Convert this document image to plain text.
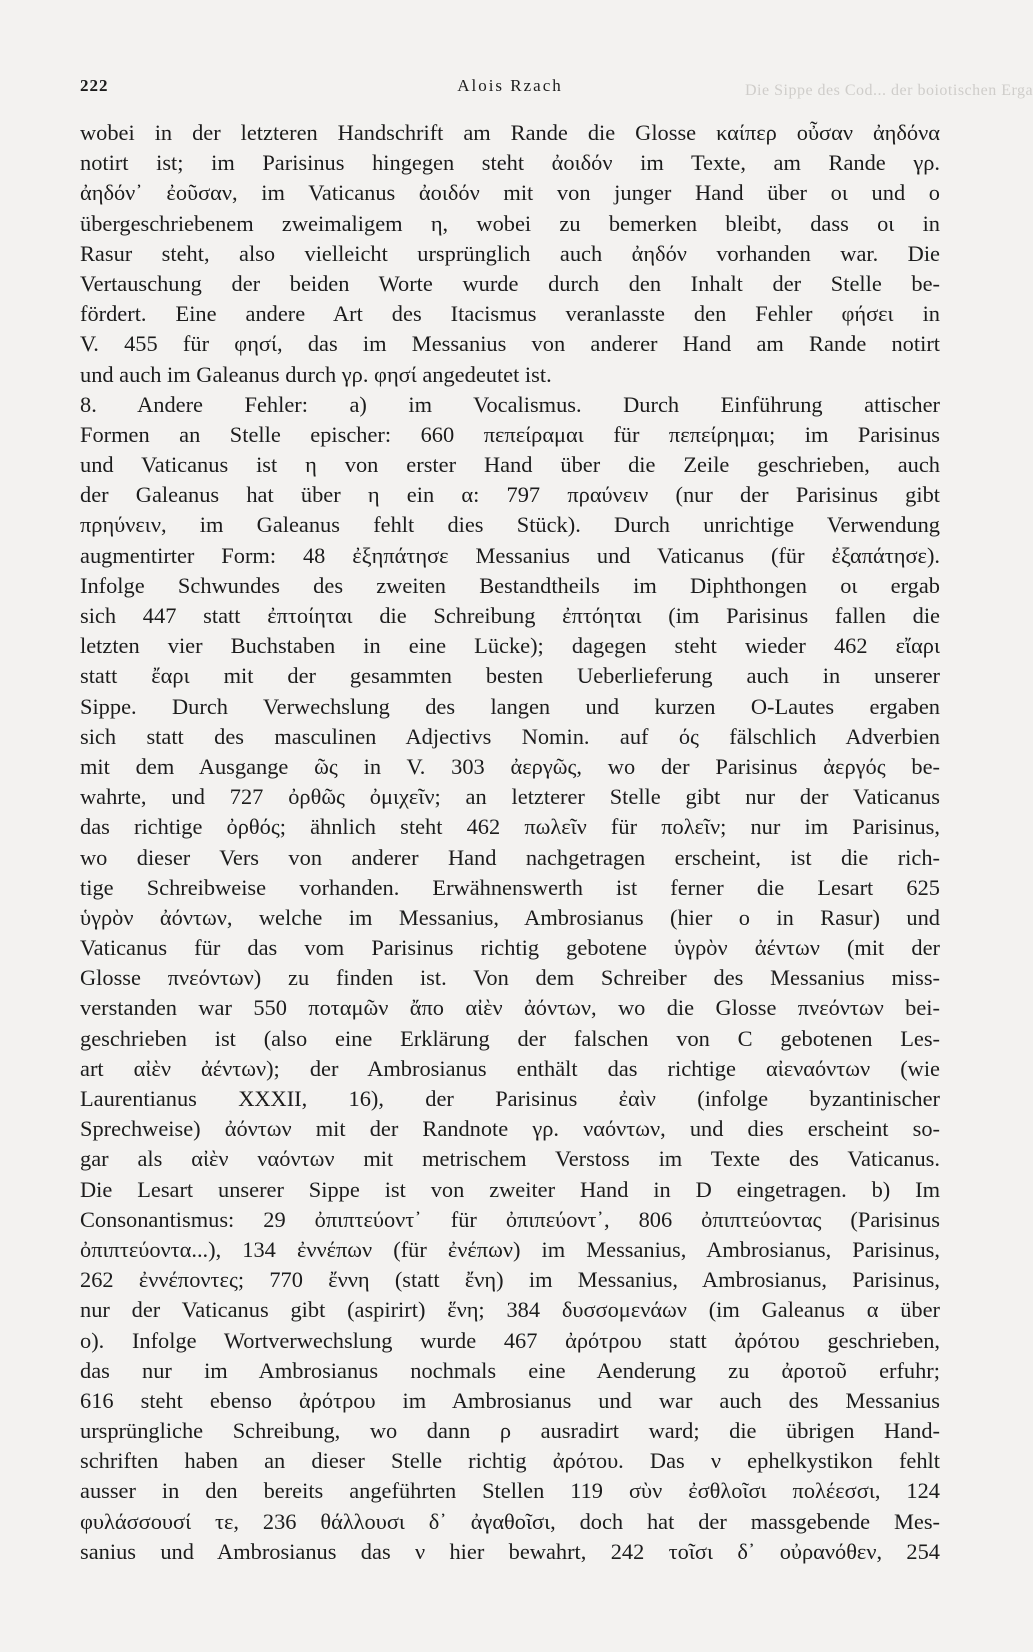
222	Alois Rzach	Die Sippe des Cod... der boiotischen Erga
wobei in der letzteren Handschrift am Rande die Glosse καίπερ οὖσαν ἀηδόνα
notirt ist; im Parisinus hingegen steht ἀοιδόν im Texte, am Rande γρ.
ἀηδόν᾽ ἐοῦσαν, im Vaticanus ἀοιδόν mit von junger Hand über οι und ο
übergeschriebenem zweimaligem η, wobei zu bemerken bleibt, dass οι in
Rasur steht, also vielleicht ursprünglich auch ἀηδόν vorhanden war. Die
Vertauschung der beiden Worte wurde durch den Inhalt der Stelle be-
fördert. Eine andere Art des Itacismus veranlasste den Fehler φήσει in
V. 455 für φησί, das im Messanius von anderer Hand am Rande notirt
und auch im Galeanus durch γρ. φησί angedeutet ist.
8. Andere Fehler: a) im Vocalismus. Durch Einführung attischer
Formen an Stelle epischer: 660 πεπείραμαι für πεπείρημαι; im Parisinus
und Vaticanus ist η von erster Hand über die Zeile geschrieben, auch
der Galeanus hat über η ein α: 797 πραύνειν (nur der Parisinus gibt
πρηύνειν, im Galeanus fehlt dies Stück). Durch unrichtige Verwendung
augmentirter Form: 48 ἐξηπάτησε Messanius und Vaticanus (für ἐξαπάτησε).
Infolge Schwundes des zweiten Bestandtheils im Diphthongen οι ergab
sich 447 statt ἐπτοίηται die Schreibung ἐπτόηται (im Parisinus fallen die
letzten vier Buchstaben in eine Lücke); dagegen steht wieder 462 εἴαρι
statt ἔαρι mit der gesammten besten Ueberlieferung auch in unserer
Sippe. Durch Verwechslung des langen und kurzen O-Lautes ergaben
sich statt des masculinen Adjectivs Nomin. auf ός fälschlich Adverbien
mit dem Ausgange ῶς in V. 303 ἀεργῶς, wo der Parisinus ἀεργός be-
wahrte, und 727 ὀρθῶς ὀμιχεῖν; an letzterer Stelle gibt nur der Vaticanus
das richtige ὀρθός; ähnlich steht 462 πωλεῖν für πολεῖν; nur im Parisinus,
wo dieser Vers von anderer Hand nachgetragen erscheint, ist die rich-
tige Schreibweise vorhanden. Erwähnenswerth ist ferner die Lesart 625
ὑγρὸν ἀόντων, welche im Messanius, Ambrosianus (hier ο in Rasur) und
Vaticanus für das vom Parisinus richtig gebotene ὑγρὸν ἀέντων (mit der
Glosse πνεόντων) zu finden ist. Von dem Schreiber des Messanius miss-
verstanden war 550 ποταμῶν ἄπο αἰὲν ἀόντων, wo die Glosse πνεόντων bei-
geschrieben ist (also eine Erklärung der falschen von C gebotenen Les-
art αἰὲν ἀέντων); der Ambrosianus enthält das richtige αἰεναόντων (wie
Laurentianus XXXII, 16), der Parisinus ἐαὶν (infolge byzantinischer
Sprechweise) ἀόντων mit der Randnote γρ. ναόντων, und dies erscheint so-
gar als αἰὲν ναόντων mit metrischem Verstoss im Texte des Vaticanus.
Die Lesart unserer Sippe ist von zweiter Hand in D eingetragen. b) Im
Consonantismus: 29 ὀπιπτεύοντ᾽ für ὀπιπεύοντ᾽, 806 ὀπιπτεύοντας (Parisinus
ὀπιπτεύοντα...), 134 ἐννέπων (für ἐνέπων) im Messanius, Ambrosianus, Parisinus,
262 ἐννέποντες; 770 ἔννη (statt ἔνη) im Messanius, Ambrosianus, Parisinus,
nur der Vaticanus gibt (aspirirt) ἕνη; 384 δυσσομενάων (im Galeanus α über
ο). Infolge Wortverwechslung wurde 467 ἀρότρου statt ἀρότου geschrieben,
das nur im Ambrosianus nochmals eine Aenderung zu ἀροτοῦ erfuhr;
616 steht ebenso ἀρότρου im Ambrosianus und war auch des Messanius
ursprüngliche Schreibung, wo dann ρ ausradirt ward; die übrigen Hand-
schriften haben an dieser Stelle richtig ἀρότου. Das ν ephelkystikon fehlt
ausser in den bereits angeführten Stellen 119 σὺν ἐσθλοῖσι πολέεσσι, 124
φυλάσσουσί τε, 236 θάλλουσι δ᾽ ἀγαθοῖσι, doch hat der massgebende Mes-
sanius und Ambrosianus das ν hier bewahrt, 242 τοῖσι δ᾽ οὐρανόθεν, 254
